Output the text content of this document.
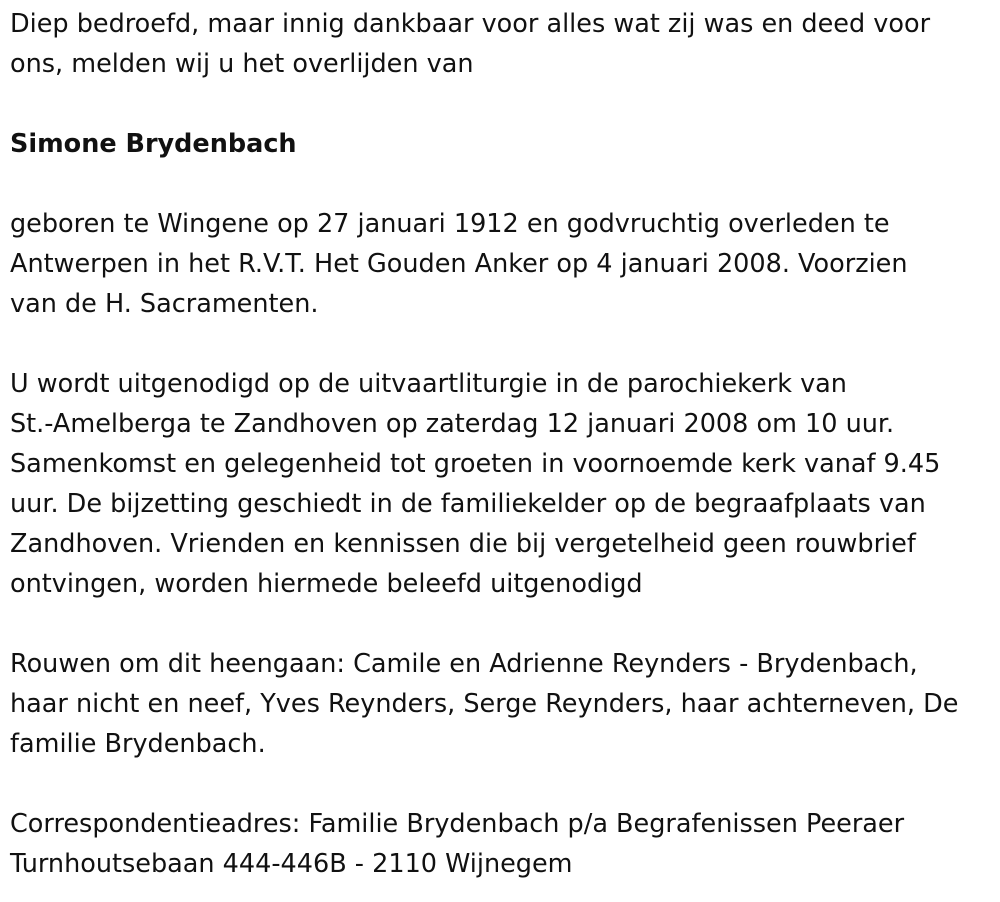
Diep bedroefd, maar innig dankbaar voor alles wat zij was en deed voor
ons, melden wij u het overlijden van

Simone Brydenbach

geboren te Wingene op 27 januari 1912 en godvruchtig overleden te
Antwerpen in het R.V.T. Het Gouden Anker op 4 januari 2008. Voorzien
van de H. Sacramenten.

U wordt uitgenodigd op de uitvaartliturgie in de parochiekerk van
St.-Amelberga te Zandhoven op zaterdag 12 januari 2008 om 10 uur.
Samenkomst en gelegenheid tot groeten in voornoemde kerk vanaf 9.45
uur. De bijzetting geschiedt in de familiekelder op de begraafplaats van
Zandhoven. Vrienden en kennissen die bij vergetelheid geen rouwbrief
ontvingen, worden hiermede beleefd uitgenodigd

Rouwen om dit heengaan: Camile en Adrienne Reynders - Brydenbach,
haar nicht en neef, Yves Reynders, Serge Reynders, haar achterneven, De
familie Brydenbach.

Correspondentieadres: Familie Brydenbach p/a Begrafenissen Peeraer
Turnhoutsebaan 444-446B - 2110 Wijnegem
